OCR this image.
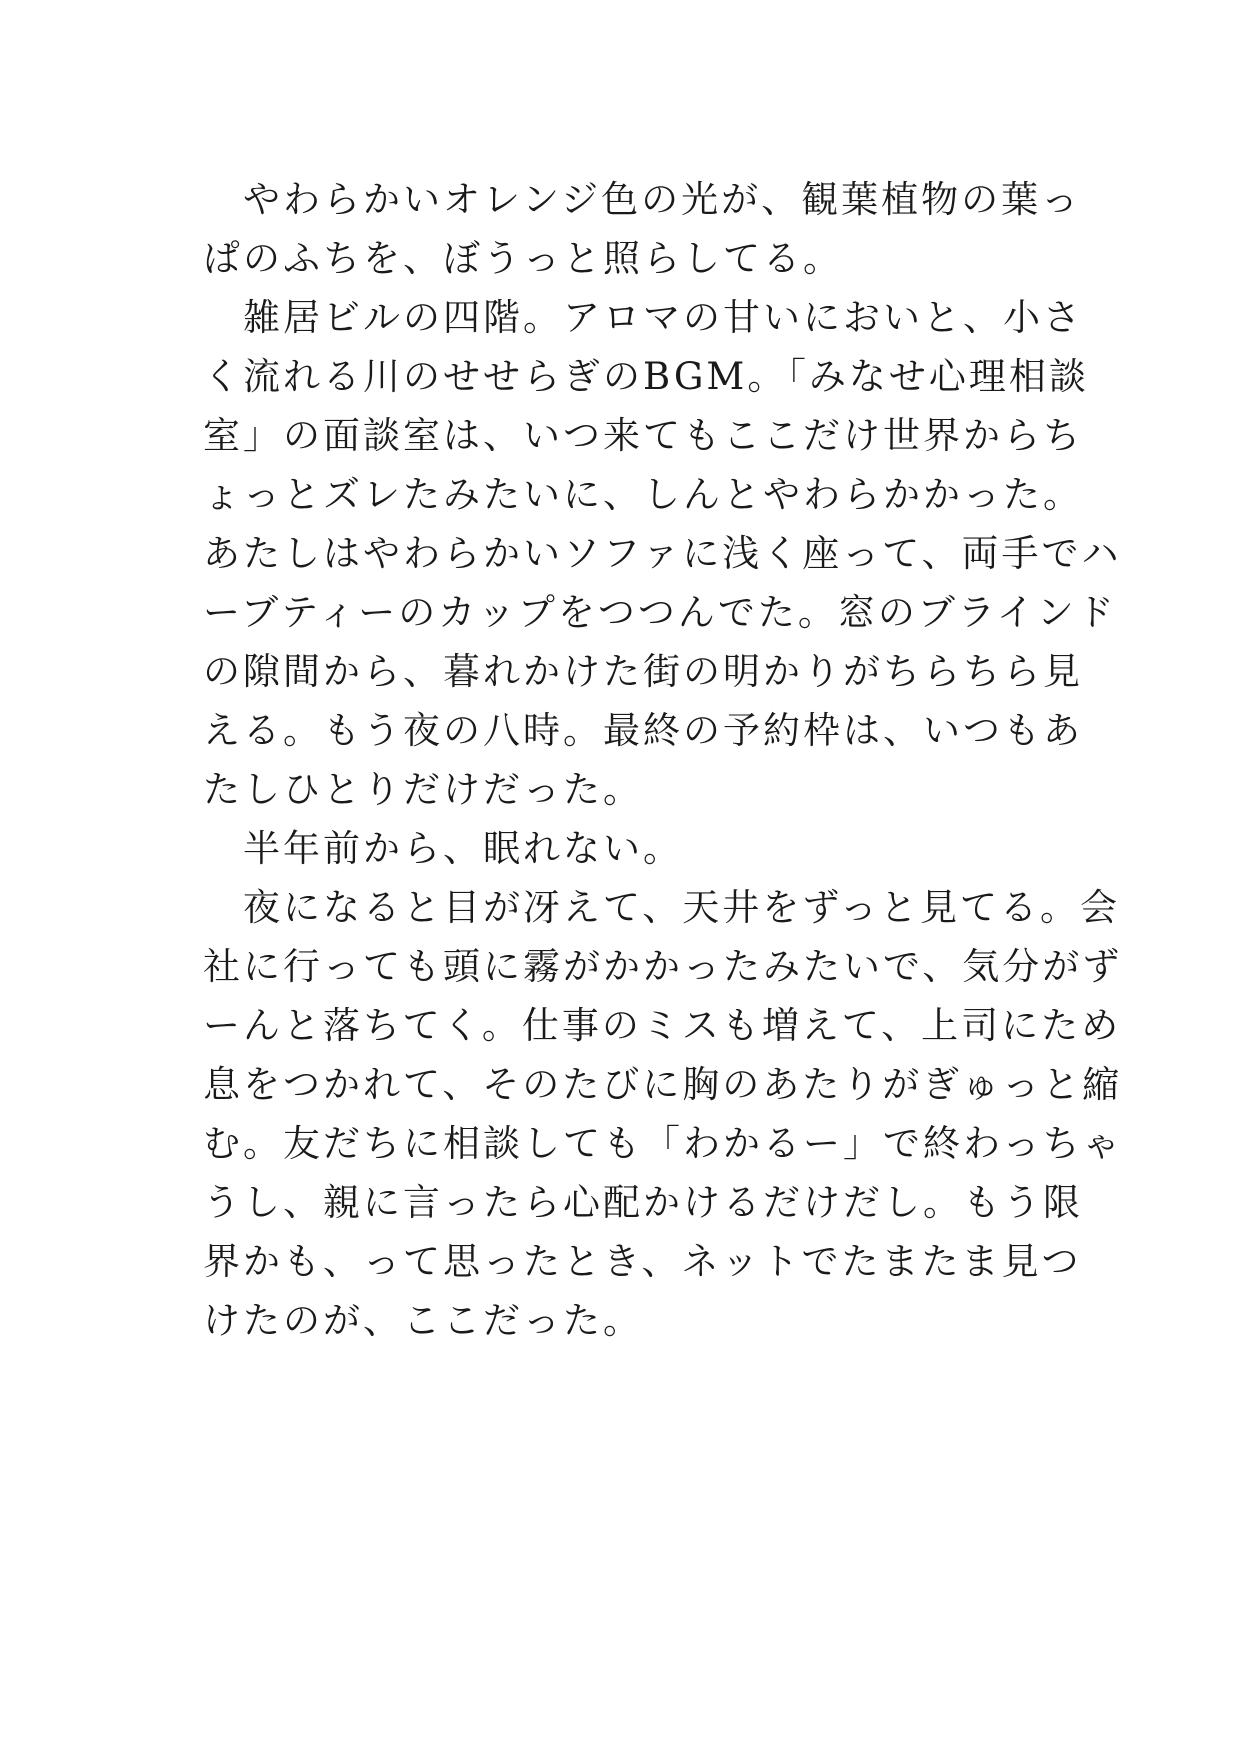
　やわらかいオレンジ色の光が、観葉植物の葉っ
ぱのふちを、ぼうっと照らしてる。
　雑居ビルの四階。アロマの甘いにおいと、小さ
く流れる川のせせらぎのBGM。「みなせ心理相談
室」の面談室は、いつ来てもここだけ世界からち
ょっとズレたみたいに、しんとやわらかかった。
あたしはやわらかいソファに浅く座って、両手でハ
ーブティーのカップをつつんでた。窓のブラインド
の隙間から、暮れかけた街の明かりがちらちら見
える。もう夜の八時。最終の予約枠は、いつもあ
たしひとりだけだった。
　半年前から、眠れない。
　夜になると目が冴えて、天井をずっと見てる。会
社に行っても頭に霧がかかったみたいで、気分がず
ーんと落ちてく。仕事のミスも増えて、上司にため
息をつかれて、そのたびに胸のあたりがぎゅっと縮
む。友だちに相談しても「わかるー」で終わっちゃ
うし、親に言ったら心配かけるだけだし。もう限
界かも、って思ったとき、ネットでたまたま見つ
けたのが、ここだった。
